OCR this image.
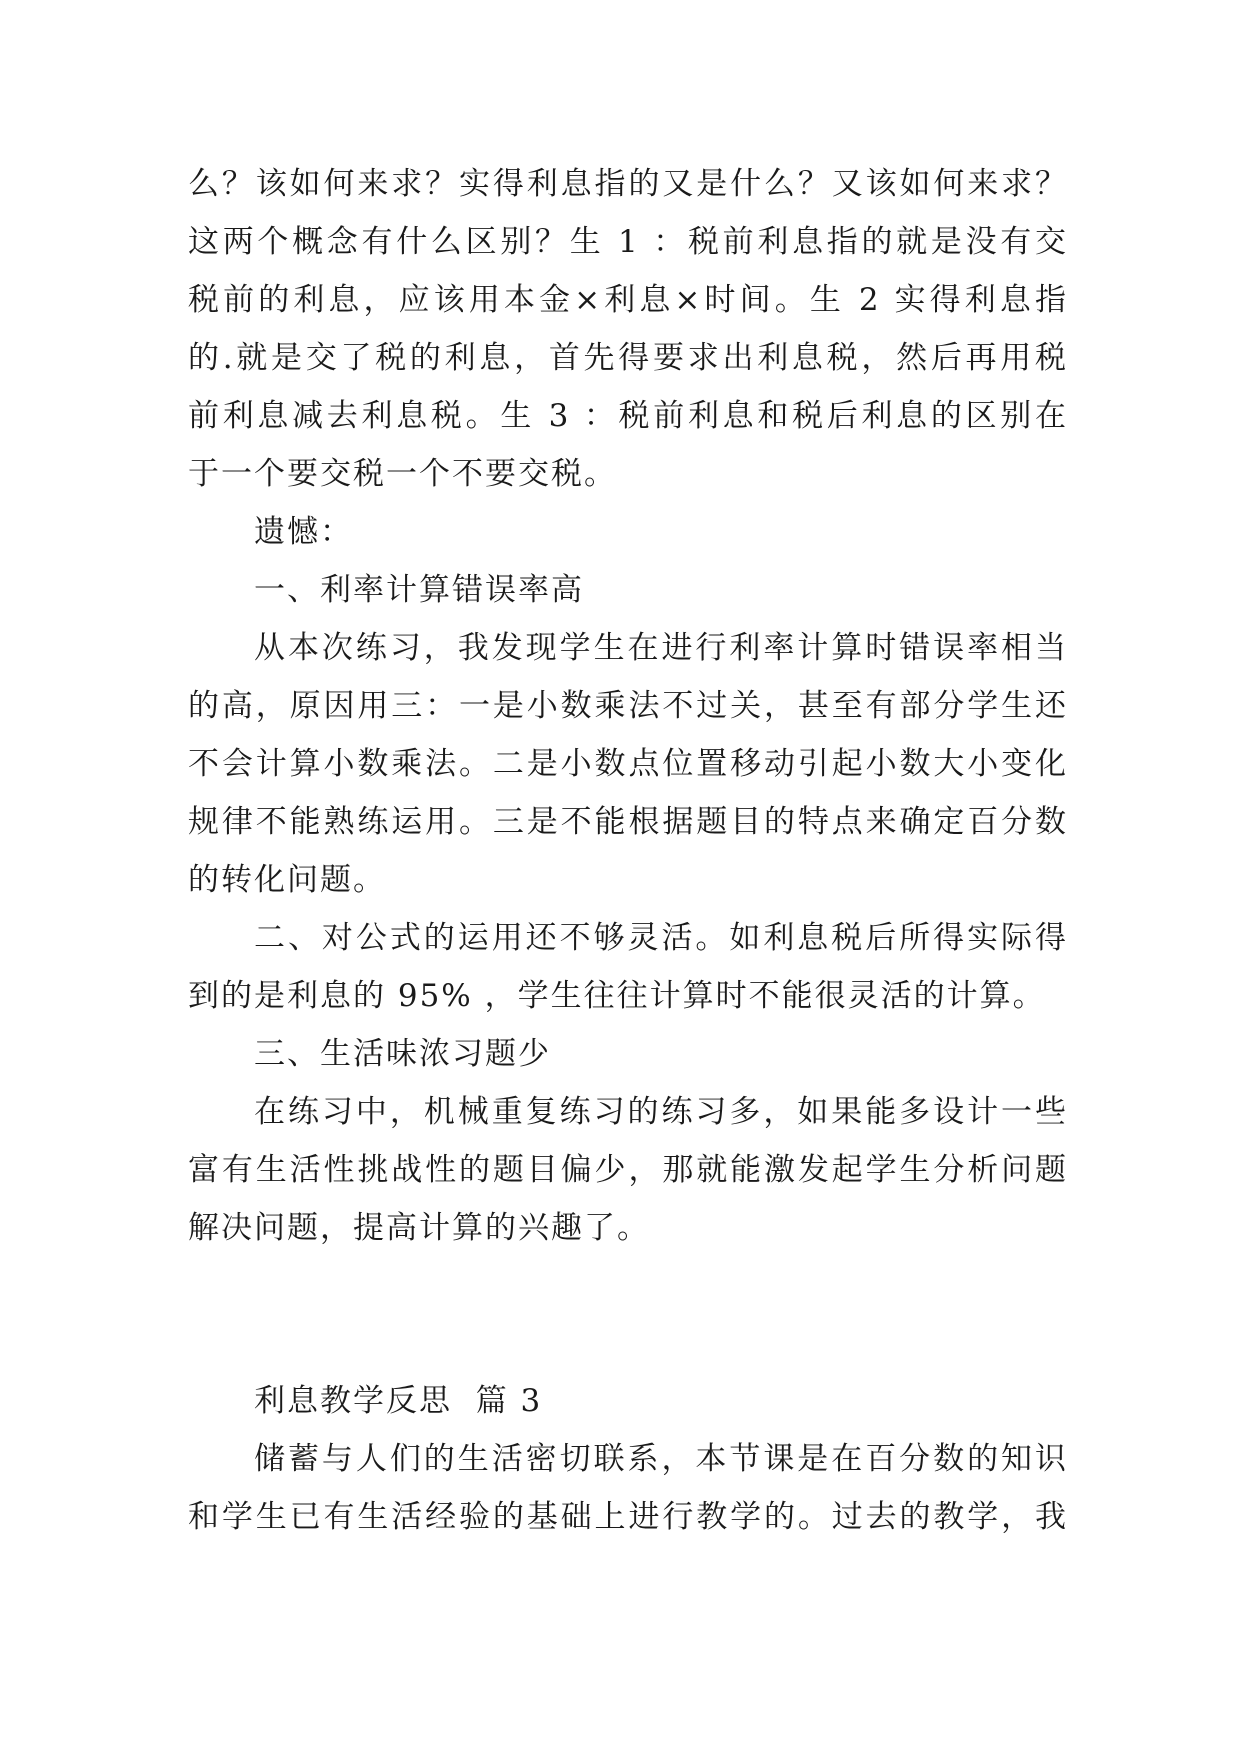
么？该如何来求？实得利息指的又是什么？又该如何来求？
这两个概念有什么区别？生 1 ：税前利息指的就是没有交
税前的利息，应该用本金×利息×时间。生 2 实得利息指
的.就是交了税的利息，首先得要求出利息税，然后再用税
前利息减去利息税。生 3 ：税前利息和税后利息的区别在
于一个要交税一个不要交税。
遗憾：
一、利率计算错误率高
从本次练习，我发现学生在进行利率计算时错误率相当
的高，原因用三：一是小数乘法不过关，甚至有部分学生还
不会计算小数乘法。二是小数点位置移动引起小数大小变化
规律不能熟练运用。三是不能根据题目的特点来确定百分数
的转化问题。
二、对公式的运用还不够灵活。如利息税后所得实际得
到的是利息的 95% ，学生往往计算时不能很灵活的计算。
三、生活味浓习题少
在练习中，机械重复练习的练习多，如果能多设计一些
富有生活性挑战性的题目偏少，那就能激发起学生分析问题
解决问题，提高计算的兴趣了。
利息教学反思  篇 3
储蓄与人们的生活密切联系，本节课是在百分数的知识
和学生已有生活经验的基础上进行教学的。过去的教学，我
